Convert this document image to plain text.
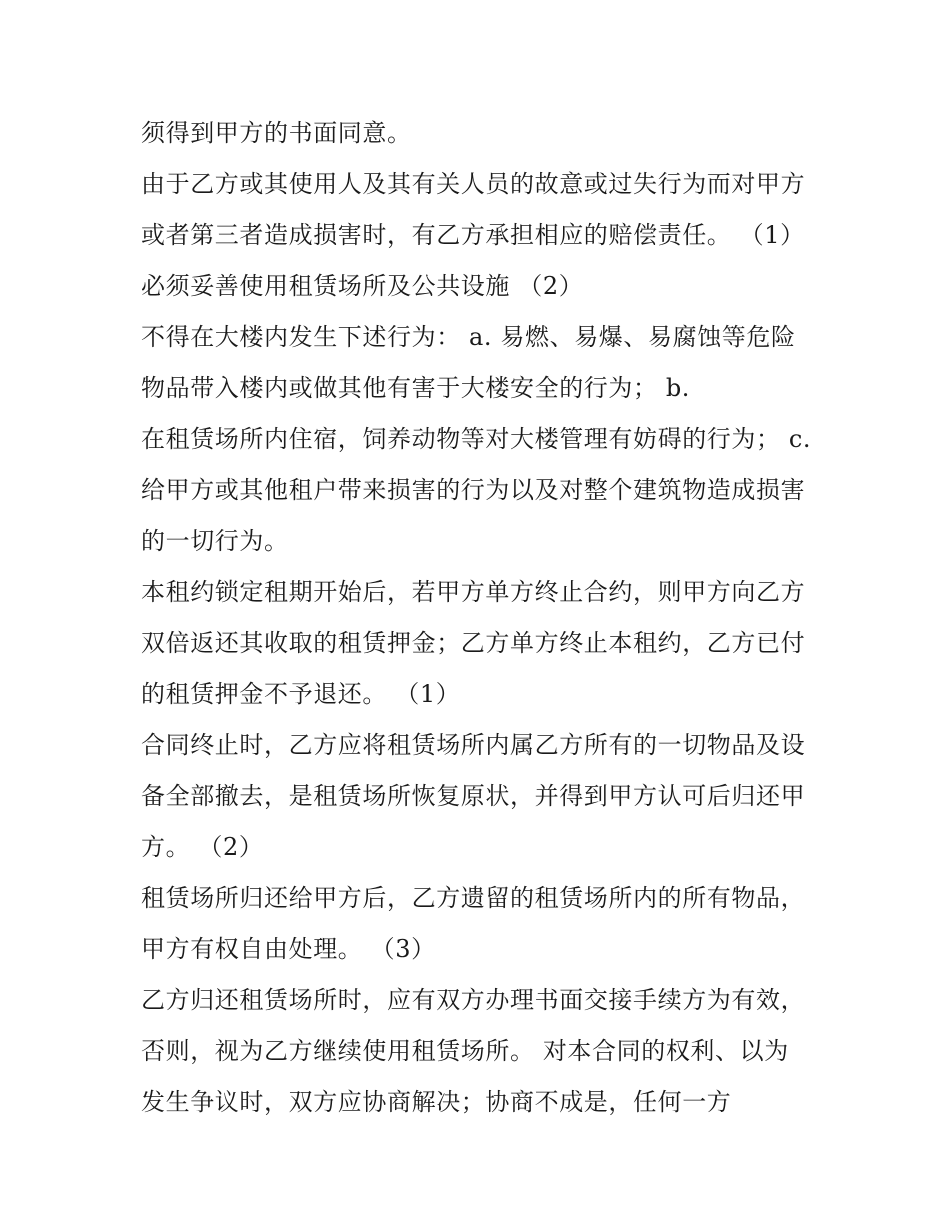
须得到甲方的书面同意。
由于乙方或其使用人及其有关人员的故意或过失行为而对甲方
或者第三者造成损害时，有乙方承担相应的赔偿责任。 （1）
必须妥善使用租赁场所及公共设施 （2）
不得在大楼内发生下述行为： a. 易燃、易爆、易腐蚀等危险
物品带入楼内或做其他有害于大楼安全的行为； b.
在租赁场所内住宿，饲养动物等对大楼管理有妨碍的行为； c.
给甲方或其他租户带来损害的行为以及对整个建筑物造成损害
的一切行为。
本租约锁定租期开始后，若甲方单方终止合约，则甲方向乙方
双倍返还其收取的租赁押金；乙方单方终止本租约，乙方已付
的租赁押金不予退还。 （1）
合同终止时，乙方应将租赁场所内属乙方所有的一切物品及设
备全部撤去，是租赁场所恢复原状，并得到甲方认可后归还甲
方。 （2）
租赁场所归还给甲方后，乙方遗留的租赁场所内的所有物品，
甲方有权自由处理。 （3）
乙方归还租赁场所时，应有双方办理书面交接手续方为有效，
否则，视为乙方继续使用租赁场所。 对本合同的权利、以为
发生争议时，双方应协商解决；协商不成是，任何一方
